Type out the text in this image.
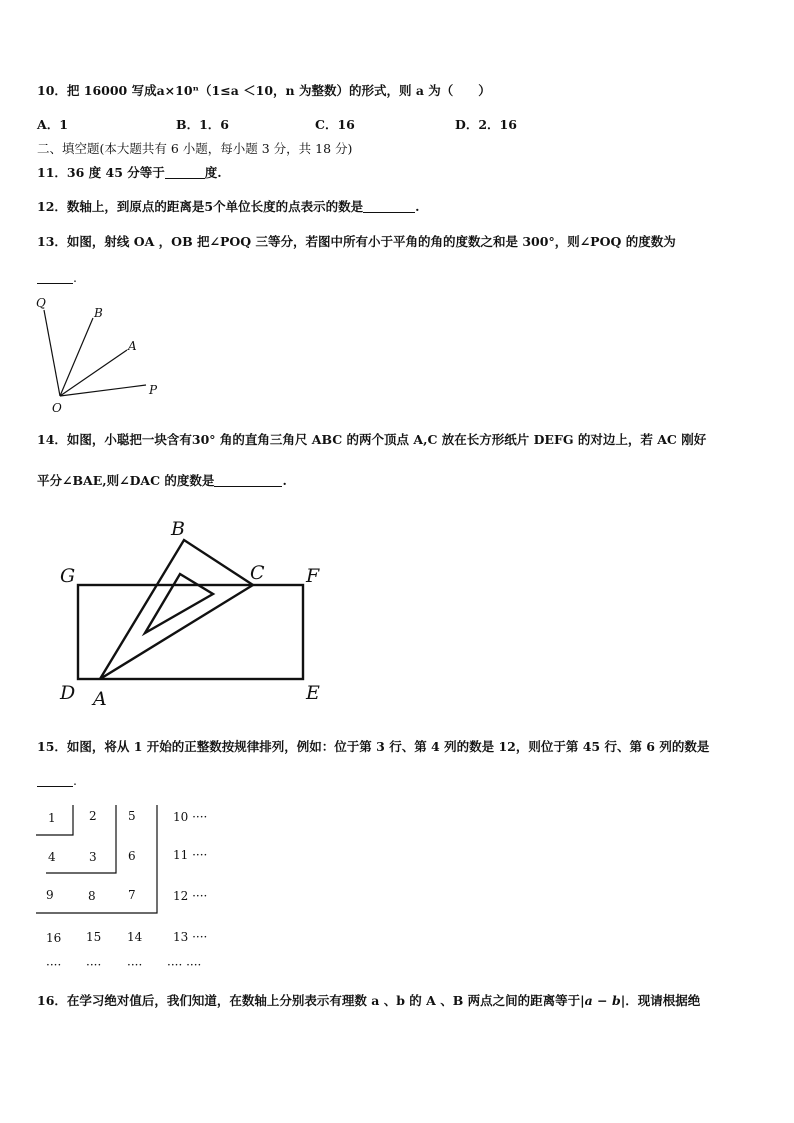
10．把 16000 写成a×10ⁿ（1≤a ＜10，n 为整数）的形式，则 a 为（　　）
A．1	B．1．6	C．16	D．2．16
二、填空题(本大题共有 6 小题，每小题 3 分，共 18 分)
11．36 度 45 分等于	度.
12．数轴上，到原点的距离是5个单位长度的点表示的数是	.
13．如图，射线 OA ，OB 把∠POQ 三等分，若图中所有小于平角的角的度数之和是 300°，则∠POQ 的度数为
.
Q
B
A
P
O
14．如图，小聪把一块含有30° 角的直角三角尺 ABC 的两个顶点 A,C 放在长方形纸片 DEFG 的对边上，若 AC 刚好
平分∠BAE,则∠DAC 的度数是	.
B
C
G	F
D A	E
15．如图，将从 1 开始的正整数按规律排列，例如：位于第 3 行、第 4 列的数是 12，则位于第 45 行、第 6 列的数是
.
1	2	5	10 ····
4	3	6	11 ····
9	8	7	12 ····
16 15 14	13 ····
···· ···· ···· ···· ····
16．在学习绝对值后，我们知道，在数轴上分别表示有理数 a 、b 的 A 、B 两点之间的距离等于|a − b|．现请根据绝
